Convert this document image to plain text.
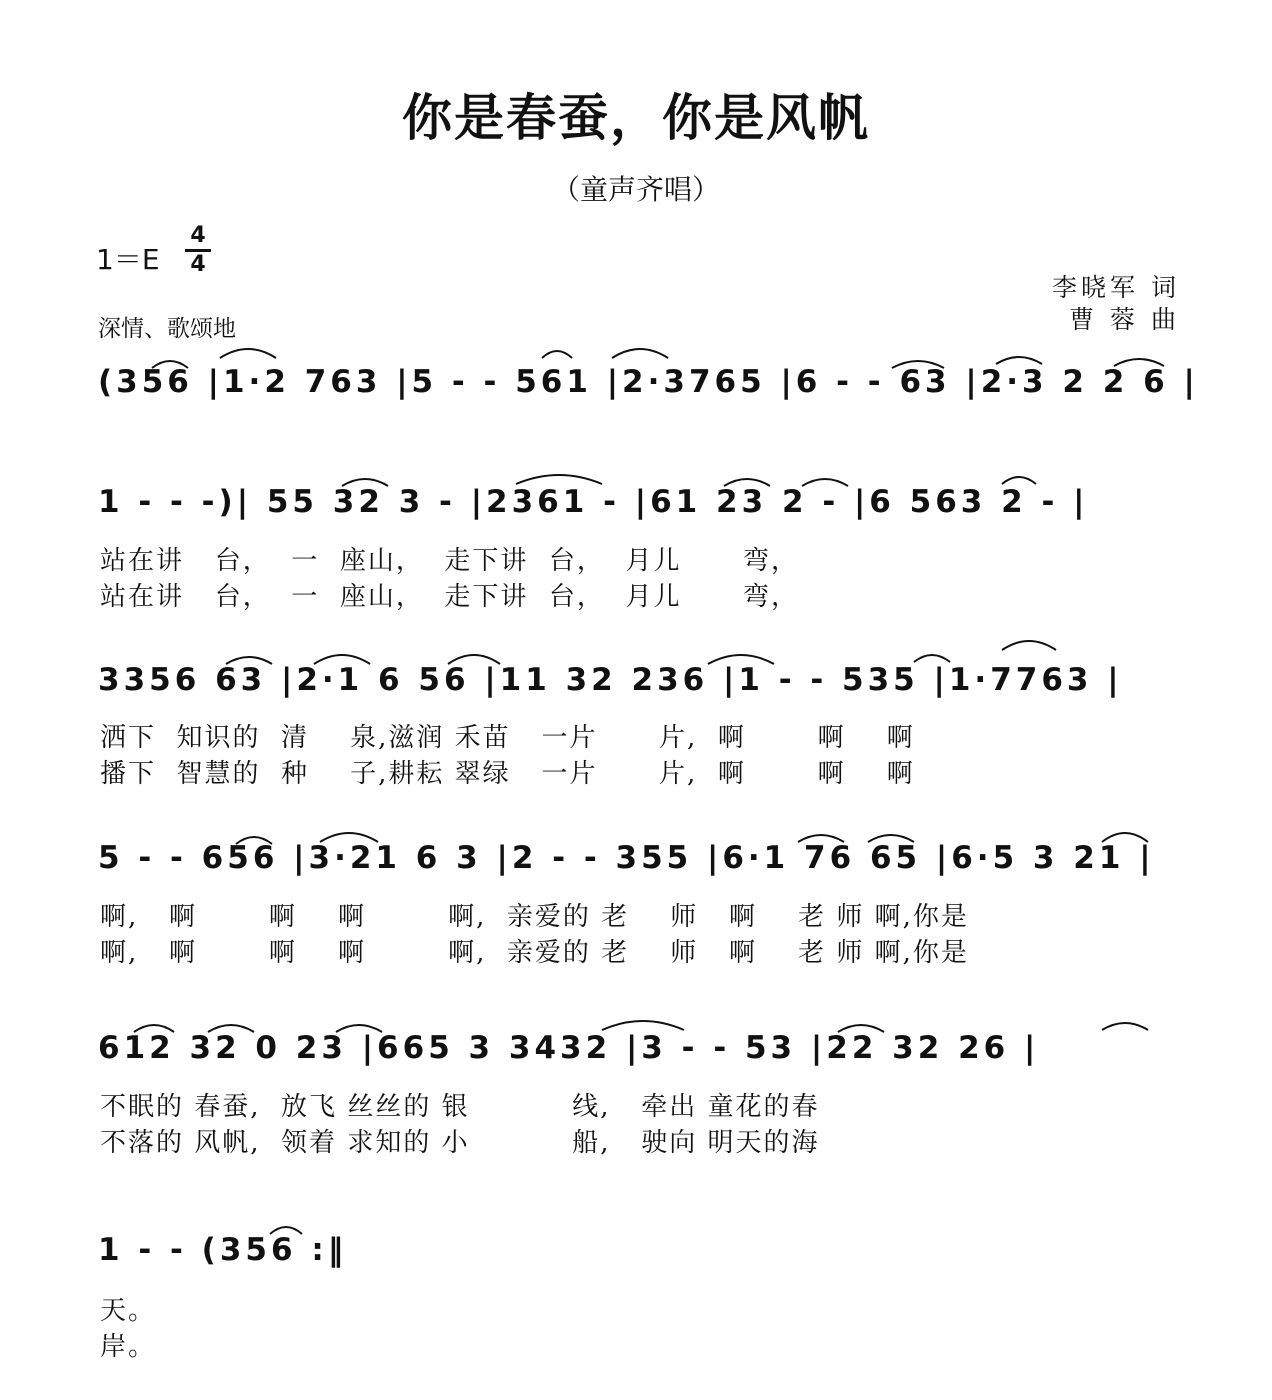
你是春蚕，你是风帆
（童声齐唱）
1＝E
4
4
李晓军 词
曹 蓉 曲
深情、歌颂地
(356 |1·2 763 |5 - - 561 |2·3765 |6 - - 63 |2·3 2 2 6 |
1 - - -)| 55 32 3 - |2361 - |61 23 2 - |6 563 2 - |
站在讲   台，  一  座山，  走下讲  台，  月儿      弯，
站在讲   台，  一  座山，  走下讲  台，  月儿      弯，
3356 63 |2·1 6 56 |11 32 236 |1 - - 535 |1·7763 |
洒下  知识的  清    泉,滋润 禾苗   一片      片,  啊       啊    啊
播下  智慧的  种    子,耕耘 翠绿   一片      片,  啊       啊    啊
5 - - 656 |3·21 6 3 |2 - - 355 |6·1 76 65 |6·5 3 21 |
啊,   啊       啊    啊        啊,  亲爱的 老    师   啊    老 师 啊,你是
啊,   啊       啊    啊        啊,  亲爱的 老    师   啊    老 师 啊,你是
612 32 0 23 |665 3 3432 |3 - - 53 |22 32 26 |
不眠的 春蚕,  放飞 丝丝的 银          线,   牵出 童花的春
不落的 风帆,  领着 求知的 小          船,   驶向 明天的海
1 - - (356 :‖
天。
岸。
